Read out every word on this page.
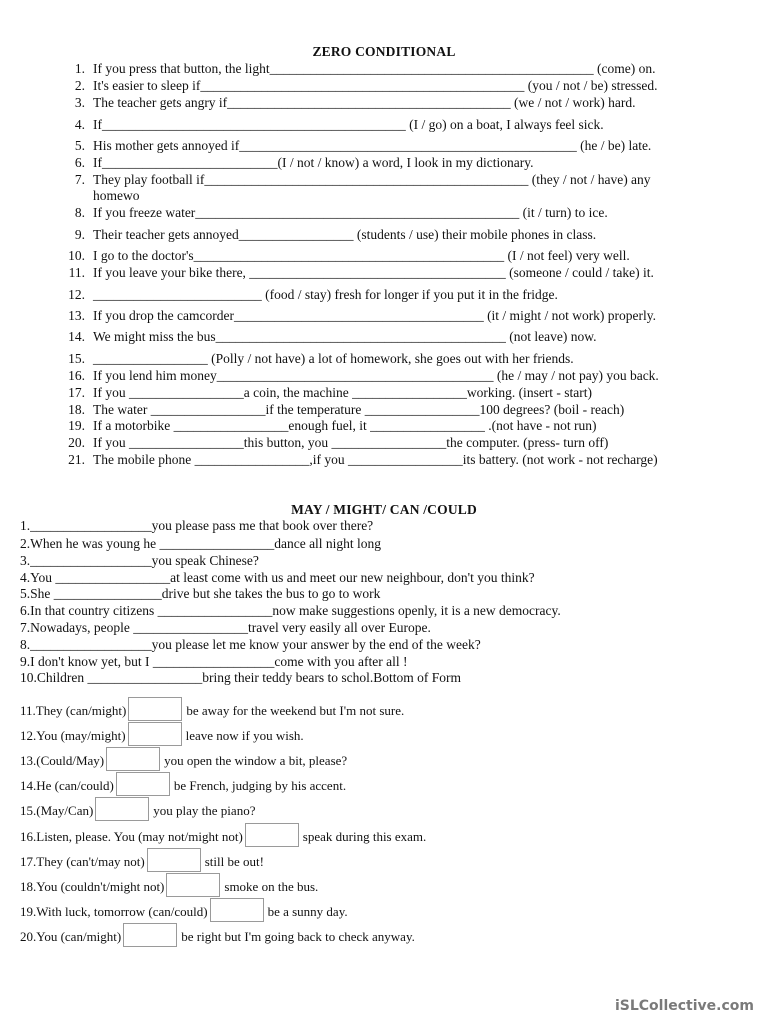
ZERO CONDITIONAL
1. If you press that button, the light________________________________________________ (come) on.
2. It's easier to sleep if________________________________________________ (you / not / be) stressed.
3. The teacher gets angry if__________________________________________ (we / not / work) hard.
4. If_____________________________________________ (I / go) on a boat, I always feel sick.
5. His mother gets annoyed if__________________________________________________ (he / be) late.
6. If__________________________(I / not / know) a word, I look in my dictionary.
7. They play football if________________________________________________ (they / not / have) any homewo
8. If you freeze water________________________________________________ (it / turn) to ice.
9. Their teacher gets annoyed_________________ (students / use) their mobile phones in class.
10. I go to the doctor's______________________________________________ (I / not feel) very well.
11. If you leave your bike there, ______________________________________ (someone / could / take) it.
12. _________________________ (food / stay) fresh for longer if you put it in the fridge.
13. If you drop the camcorder_____________________________________ (it / might / not work) properly.
14. We might miss the bus___________________________________________ (not leave) now.
15. _________________ (Polly / not have) a lot of homework, she goes out with her friends.
16. If you lend him money_________________________________________ (he / may / not pay) you back.
17. If you _________________a coin, the machine _________________working. (insert - start)
18. The water _________________if the temperature _________________100 degrees? (boil - reach)
19. If a motorbike _________________enough fuel, it _________________ .(not have - not run)
20. If you _________________this button, you _________________the computer. (press- turn off)
21. The mobile phone _________________,if you _________________its battery. (not work - not recharge)
MAY / MIGHT/ CAN /COULD
1.__________________you please pass me that book over there?
2.When he was young he _________________dance all night long
3.__________________you speak Chinese?
4.You _________________at least come with us and meet our new neighbour, don't you think?
5.She ________________drive but she takes the bus to go to work
6.In that country citizens _________________now make suggestions openly, it is a new democracy.
7.Nowadays, people _________________travel very easily all over Europe.
8.__________________you please let me know your answer by the end of the week?
9.I don't know yet, but I __________________come with you after all !
10.Children _________________bring their teddy bears to schol.Bottom of Form
11.They (can/might)	be away for the weekend but I'm not sure.
12.You (may/might)	leave now if you wish.
13.(Could/May)	you open the window a bit, please?
14.He (can/could)	be French, judging by his accent.
15.(May/Can)	you play the piano?
16.Listen, please. You (may not/might not)	speak during this exam.
17.They (can't/may not)	still be out!
18.You (couldn't/might not)	smoke on the bus.
19.With luck, tomorrow (can/could)	be a sunny day.
20.You (can/might)	be right but I'm going back to check anyway.
iSLCollective.com
